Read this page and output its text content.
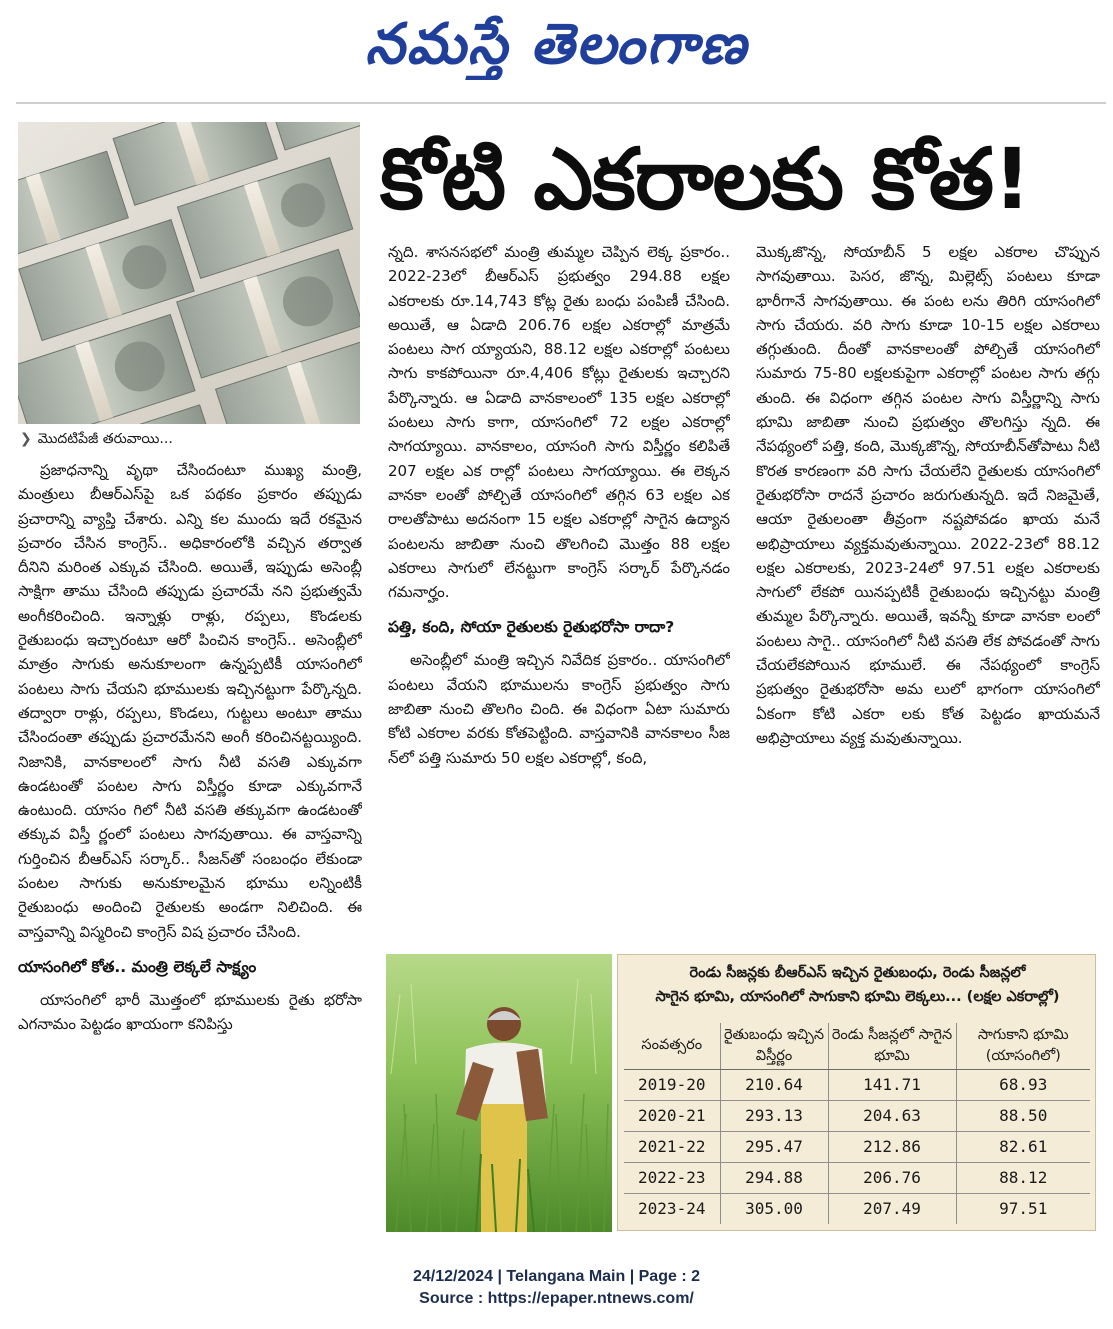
నమస్తే తెలంగాణ
❯ మొదటిపేజీ తరువాయి...
కోటి ఎకరాలకు కోత!

ప్రజాధనాన్ని వృథా చేసిందంటూ ముఖ్య మంత్రి, మంత్రులు బీఆర్‌ఎస్‌పై ఒక పథకం ప్రకారం తప్పుడు ప్రచారాన్ని వ్యాప్తి చేశారు. ఎన్ని కల ముందు ఇదే రకమైన ప్రచారం చేసిన కాంగ్రెస్.. అధికారంలోకి వచ్చిన తర్వాత దీనిని మరింత ఎక్కువ చేసింది. అయితే, ఇప్పుడు అసెంబ్లీ సాక్షిగా తాము చేసింది తప్పుడు ప్రచారమే నని ప్రభుత్వమే అంగీకరించింది. ఇన్నాళ్లు రాళ్లు, రప్పలు, కొండలకు రైతుబంధు ఇచ్చారంటూ ఆరో పించిన కాంగ్రెస్.. అసెంబ్లీలో మాత్రం సాగుకు అనుకూలంగా ఉన్నప్పటికీ యాసంగిలో పంటలు సాగు చేయని భూములకు ఇచ్చినట్టుగా పేర్కొన్నది. తద్వారా రాళ్లు, రప్పలు, కొండలు, గుట్టలు అంటూ తాము చేసిందంతా తప్పుడు ప్రచారమేనని అంగీ కరించినట్టయ్యింది. నిజానికి, వానకాలంలో సాగు నీటి వసతి ఎక్కువగా ఉండటంతో పంటల సాగు విస్తీర్ణం కూడా ఎక్కువగానే ఉంటుంది. యాసం గిలో నీటి వసతి తక్కువగా ఉండటంతో తక్కువ విస్తీ ర్ణంలో పంటలు సాగవుతాయి. ఈ వాస్తవాన్ని గుర్తించిన బీఆర్‌ఎస్ సర్కార్.. సీజన్‌తో సంబంధం లేకుండా పంటల సాగుకు అనుకూలమైన భూము లన్నింటికీ రైతుబంధు అందించి రైతులకు అండగా నిలిచింది. ఈ వాస్తవాన్ని విస్మరించి కాంగ్రెస్ విష ప్రచారం చేసింది.

యాసంగిలో కోత.. మంత్రి లెక్కలే సాక్ష్యం

యాసంగిలో భారీ మొత్తంలో భూములకు రైతు భరోసా ఎగనామం పెట్టడం ఖాయంగా కనిపిస్తు

న్నది. శాసనసభలో మంత్రి తుమ్మల చెప్పిన లెక్క ప్రకారం.. 2022-23లో బీఆర్‌ఎస్ ప్రభుత్వం 294.88 లక్షల ఎకరాలకు రూ.14,743 కోట్ల రైతు బంధు పంపిణీ చేసింది. అయితే, ఆ ఏడాది 206.76 లక్షల ఎకరాల్లో మాత్రమే పంటలు సాగ య్యాయని, 88.12 లక్షల ఎకరాల్లో పంటలు సాగు కాకపోయినా రూ.4,406 కోట్లు రైతులకు ఇచ్చారని పేర్కొన్నారు. ఆ ఏడాది వానకాలంలో 135 లక్షల ఎకరాల్లో పంటలు సాగు కాగా, యాసంగిలో 72 లక్షల ఎకరాల్లో సాగయ్యాయి. వానకాలం, యాసంగి సాగు విస్తీర్ణం కలిపితే 207 లక్షల ఎక రాల్లో పంటలు సాగయ్యాయి. ఈ లెక్కన వానకా లంతో పోల్చితే యాసంగిలో తగ్గిన 63 లక్షల ఎక రాలతోపాటు అదనంగా 15 లక్షల ఎకరాల్లో సాగైన ఉద్యాన పంటలను జాబితా నుంచి తొలగించి మొత్తం 88 లక్షల ఎకరాలు సాగులో లేనట్టుగా కాంగ్రెస్ సర్కార్ పేర్కొనడం గమనార్హం.

పత్తి, కంది, సోయా రైతులకు రైతుభరోసా రాదా?

అసెంబ్లీలో మంత్రి ఇచ్చిన నివేదిక ప్రకారం.. యాసంగిలో పంటలు వేయని భూములను కాంగ్రెస్ ప్రభుత్వం సాగు జాబితా నుంచి తొలగిం చింది. ఈ విధంగా ఏటా సుమారు కోటి ఎకరాల వరకు కోతపెట్టింది. వాస్తవానికి వానకాలం సీజ న్‌లో పత్తి సుమారు 50 లక్షల ఎకరాల్లో, కంది,

మొక్కజొన్న, సోయాబీన్ 5 లక్షల ఎకరాల చొప్పున సాగవుతాయి. పెసర, జొన్న, మిల్లెట్స్ పంటలు కూడా భారీగానే సాగవుతాయి. ఈ పంట లను తిరిగి యాసంగిలో సాగు చేయరు. వరి సాగు కూడా 10-15 లక్షల ఎకరాలు తగ్గుతుంది. దీంతో వానకాలంతో పోల్చితే యాసంగిలో సుమారు 75-80 లక్షలకుపైగా ఎకరాల్లో పంటల సాగు తగ్గు తుంది. ఈ విధంగా తగ్గిన పంటల సాగు విస్తీర్ణాన్ని సాగు భూమి జాబితా నుంచి ప్రభుత్వం తొలగిస్తు న్నది. ఈ నేపథ్యంలో పత్తి, కంది, మొక్కజొన్న, సోయాబీన్‌తోపాటు నీటి కొరత కారణంగా వరి సాగు చేయలేని రైతులకు యాసంగిలో రైతుభరోసా రాదనే ప్రచారం జరుగుతున్నది. ఇదే నిజమైతే, ఆయా రైతులంతా తీవ్రంగా నష్టపోవడం ఖాయ మనే అభిప్రాయాలు వ్యక్తమవుతున్నాయి. 2022-23లో 88.12 లక్షల ఎకరాలకు, 2023-24లో 97.51 లక్షల ఎకరాలకు సాగులో లేకపో యినప్పటికీ రైతుబంధు ఇచ్చినట్టు మంత్రి తుమ్మల పేర్కొన్నారు. అయితే, ఇవన్నీ కూడా వానకా లంలో పంటలు సాగై.. యాసంగిలో నీటి వసతి లేక పోవడంతో సాగు చేయలేకపోయిన భూములే. ఈ నేపథ్యంలో కాంగ్రెస్ ప్రభుత్వం రైతుభరోసా అమ లులో భాగంగా యాసంగిలో ఏకంగా కోటి ఎకరా లకు కోత పెట్టడం ఖాయమనే అభిప్రాయాలు వ్యక్త మవుతున్నాయి.

రెండు సీజన్లకు బీఆర్‌ఎస్ ఇచ్చిన రైతుబంధు, రెండు సీజన్లలో
సాగైన భూమి, యాసంగిలో సాగుకాని భూమి లెక్కలు... (లక్షల ఎకరాల్లో)
సంవత్సరం	రైతుబంధు ఇచ్చిన విస్తీర్ణం	రెండు సీజన్లలో సాగైన భూమి	సాగుకాని భూమి (యాసంగిలో)
2019-20	210.64	141.71	68.93
2020-21	293.13	204.63	88.50
2021-22	295.47	212.86	82.61
2022-23	294.88	206.76	88.12
2023-24	305.00	207.49	97.51
24/12/2024 | Telangana Main | Page : 2
Source : https://epaper.ntnews.com/
